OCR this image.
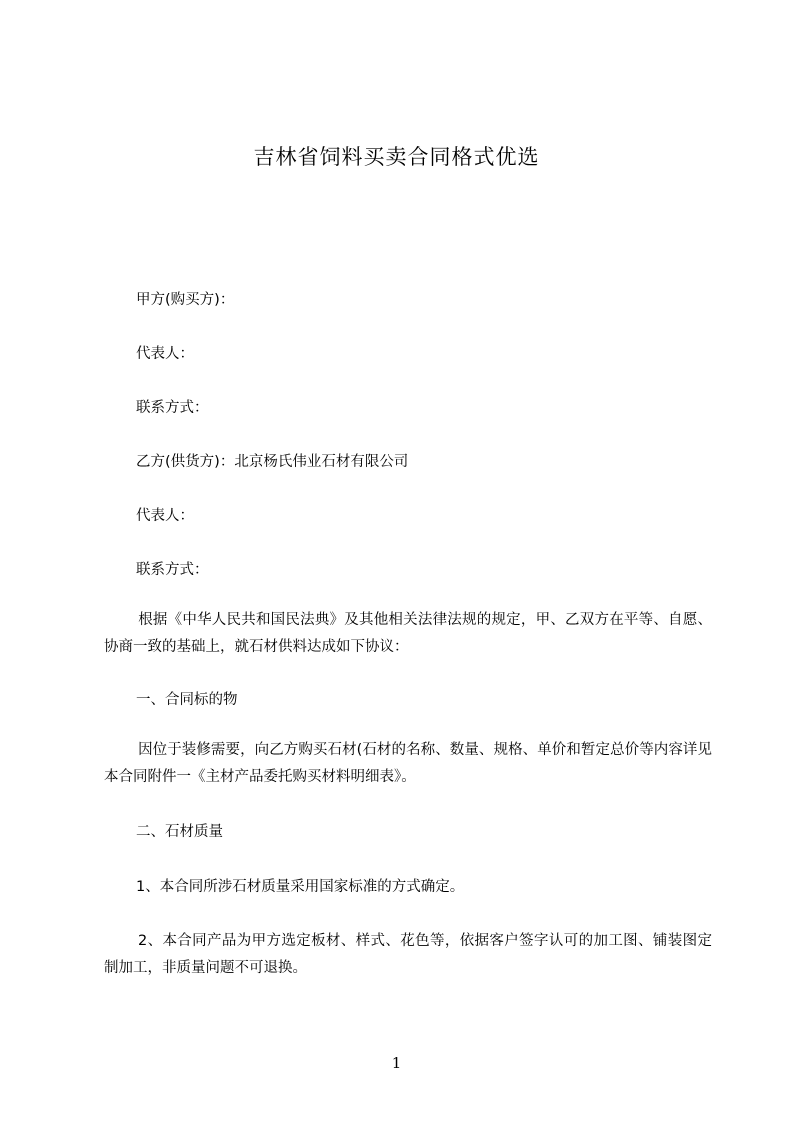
吉林省饲料买卖合同格式优选
甲方(购买方)：
代表人：
联系方式：
乙方(供货方)：北京杨氏伟业石材有限公司
代表人：
联系方式：
根据《中华人民共和国民法典》及其他相关法律法规的规定，甲、乙双方在平等、自愿、协商一致的基础上，就石材供料达成如下协议：
一、合同标的物
因位于装修需要，向乙方购买石材(石材的名称、数量、规格、单价和暂定总价等内容详见本合同附件一《主材产品委托购买材料明细表》。
二、石材质量
1、本合同所涉石材质量采用国家标准的方式确定。
2、本合同产品为甲方选定板材、样式、花色等，依据客户签字认可的加工图、铺装图定制加工，非质量问题不可退换。
1
